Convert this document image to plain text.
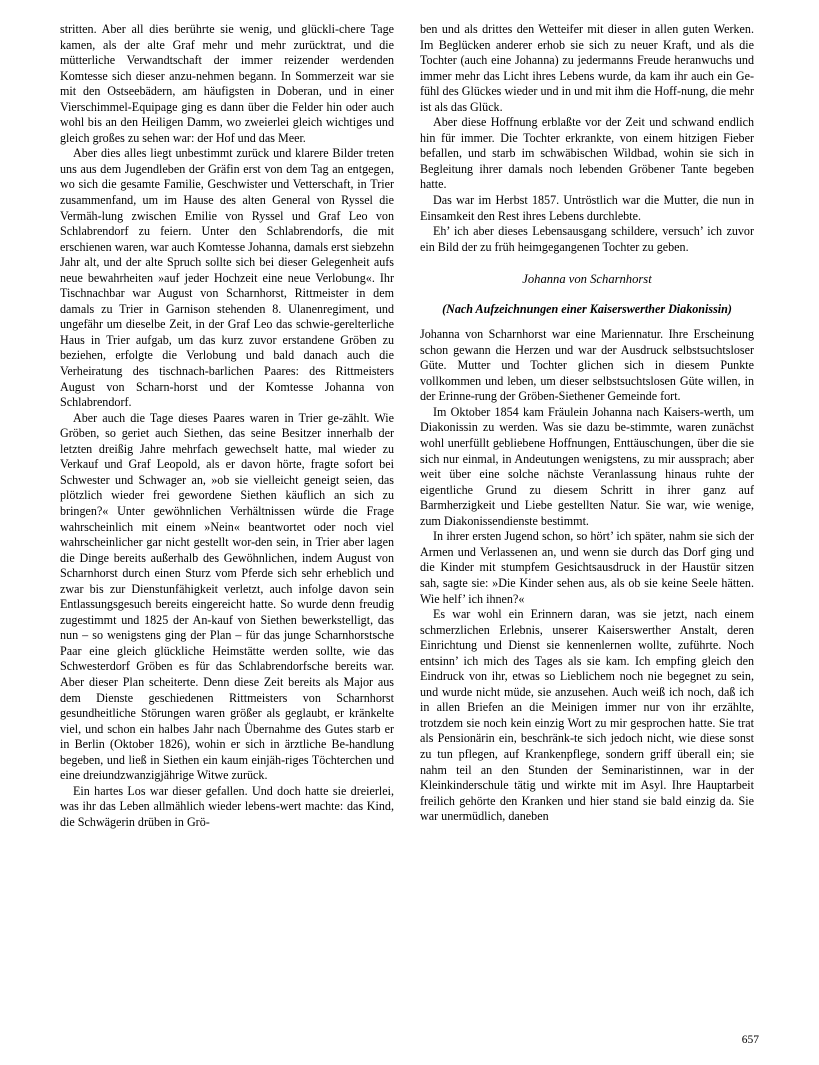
stritten. Aber all dies berührte sie wenig, und glückli-chere Tage kamen, als der alte Graf mehr und mehr zurücktrat, und die mütterliche Verwandtschaft der immer reizender werdenden Komtesse sich dieser anzu-nehmen begann. In Sommerzeit war sie mit den Ostseebädern, am häufigsten in Doberan, und in einer Vierschimmel-Equipage ging es dann über die Felder hin oder auch wohl bis an den Heiligen Damm, wo zweierlei gleich wichtiges und gleich großes zu sehen war: der Hof und das Meer.

Aber dies alles liegt unbestimmt zurück und klarere Bilder treten uns aus dem Jugendleben der Gräfin erst von dem Tag an entgegen, wo sich die gesamte Familie, Geschwister und Vetterschaft, in Trier zusammenfand, um im Hause des alten General von Ryssel die Vermäh-lung zwischen Emilie von Ryssel und Graf Leo von Schlabrendorf zu feiern. Unter den Schlabrendorfs, die mit erschienen waren, war auch Komtesse Johanna, damals erst siebzehn Jahr alt, und der alte Spruch sollte sich bei dieser Gelegenheit aufs neue bewahrheiten »auf jeder Hochzeit eine neue Verlobung«. Ihr Tischnachbar war August von Scharnhorst, Rittmeister in dem damals zu Trier in Garnison stehenden 8. Ulanenregiment, und ungefähr um dieselbe Zeit, in der Graf Leo das schwie-gerelterliche Haus in Trier aufgab, um das kurz zuvor erstandene Gröben zu beziehen, erfolgte die Verlobung und bald danach auch die Verheiratung des tischnach-barlichen Paares: des Rittmeisters August von Scharn-horst und der Komtesse Johanna von Schlabrendorf.

Aber auch die Tage dieses Paares waren in Trier ge-zählt. Wie Gröben, so geriet auch Siethen, das seine Besitzer innerhalb der letzten dreißig Jahre mehrfach gewechselt hatte, mal wieder zu Verkauf und Graf Leopold, als er davon hörte, fragte sofort bei Schwester und Schwager an, »ob sie vielleicht geneigt seien, das plötzlich wieder frei gewordene Siethen käuflich an sich zu bringen?« Unter gewöhnlichen Verhältnissen würde die Frage wahrscheinlich mit einem »Nein« beantwortet oder noch viel wahrscheinlicher gar nicht gestellt wor-den sein, in Trier aber lagen die Dinge bereits außerhalb des Gewöhnlichen, indem August von Scharnhorst durch einen Sturz vom Pferde sich sehr erheblich und zwar bis zur Dienstunfähigkeit verletzt, auch infolge davon sein Entlassungsgesuch bereits eingereicht hatte. So wurde denn freudig zugestimmt und 1825 der An-kauf von Siethen bewerkstelligt, das nun – so wenigstens ging der Plan – für das junge Scharnhorstsche Paar eine gleich glückliche Heimstätte werden sollte, wie das Schwesterdorf Gröben es für das Schlabrendorfsche bereits war. Aber dieser Plan scheiterte. Denn diese Zeit bereits als Major aus dem Dienste geschiedenen Rittmeisters von Scharnhorst gesundheitliche Störungen waren größer als geglaubt, er kränkelte viel, und schon ein halbes Jahr nach Übernahme des Gutes starb er in Berlin (Oktober 1826), wohin er sich in ärztliche Be-handlung begeben, und ließ in Siethen ein kaum einjäh-riges Töchterchen und eine dreiundzwanzigjährige Witwe zurück.

Ein hartes Los war dieser gefallen. Und doch hatte sie dreierlei, was ihr das Leben allmählich wieder lebens-wert machte: das Kind, die Schwägerin drüben in Grö-

ben und als drittes den Wetteifer mit dieser in allen guten Werken. Im Beglücken anderer erhob sie sich zu neuer Kraft, und als die Tochter (auch eine Johanna) zu jedermanns Freude heranwuchs und immer mehr das Licht ihres Lebens wurde, da kam ihr auch ein Ge-fühl des Glückes wieder und in und mit ihm die Hoff-nung, die mehr ist als das Glück.

Aber diese Hoffnung erblaßte vor der Zeit und schwand endlich hin für immer. Die Tochter erkrankte, von einem hitzigen Fieber befallen, und starb im schwäbischen Wildbad, wohin sie sich in Begleitung ihrer damals noch lebenden Gröbener Tante begeben hatte.

Das war im Herbst 1857. Untröstlich war die Mutter, die nun in Einsamkeit den Rest ihres Lebens durchlebte.

Eh’ ich aber dieses Lebensausgang schildere, versuch’ ich zuvor ein Bild der zu früh heimgegangenen Tochter zu geben.

Johanna von Scharnhorst
(Nach Aufzeichnungen einer Kaiserswerther Diakonissin)

Johanna von Scharnhorst war eine Mariennatur. Ihre Erscheinung schon gewann die Herzen und war der Ausdruck selbstsuchtsloser Güte. Mutter und Tochter glichen sich in diesem Punkte vollkommen und leben, um dieser selbstsuchtslosen Güte willen, in der Erinne-rung der Gröben-Siethener Gemeinde fort.

Im Oktober 1854 kam Fräulein Johanna nach Kaisers-werth, um Diakonissin zu werden. Was sie dazu be-stimmte, waren zunächst wohl unerfüllt gebliebene Hoffnungen, Enttäuschungen, über die sie sich nur einmal, in Andeutungen wenigstens, zu mir aussprach; aber weit über eine solche nächste Veranlassung hinaus ruhte der eigentliche Grund zu diesem Schritt in ihrer ganz auf Barmherzigkeit und Liebe gestellten Natur. Sie war, wie wenige, zum Diakonissendienste bestimmt.

In ihrer ersten Jugend schon, so hört’ ich später, nahm sie sich der Armen und Verlassenen an, und wenn sie durch das Dorf ging und die Kinder mit stumpfem Gesichtsausdruck in der Haustür sitzen sah, sagte sie: »Die Kinder sehen aus, als ob sie keine Seele hätten. Wie helf’ ich ihnen?«

Es war wohl ein Erinnern daran, was sie jetzt, nach einem schmerzlichen Erlebnis, unserer Kaiserswerther Anstalt, deren Einrichtung und Dienst sie kennenlernen wollte, zuführte. Noch entsinn’ ich mich des Tages als sie kam. Ich empfing gleich den Eindruck von ihr, etwas so Lieblichem noch nie begegnet zu sein, und wurde nicht müde, sie anzusehen. Auch weiß ich noch, daß ich in allen Briefen an die Meinigen immer nur von ihr erzählte, trotzdem sie noch kein einzig Wort zu mir gesprochen hatte. Sie trat als Pensionärin ein, beschränk-te sich jedoch nicht, wie diese sonst zu tun pflegen, auf Krankenpflege, sondern griff überall ein; sie nahm teil an den Stunden der Seminaristinnen, war in der Kleinkinderschule tätig und wirkte mit im Asyl. Ihre Hauptarbeit freilich gehörte den Kranken und hier stand sie bald einzig da. Sie war unermüdlich, daneben

657
